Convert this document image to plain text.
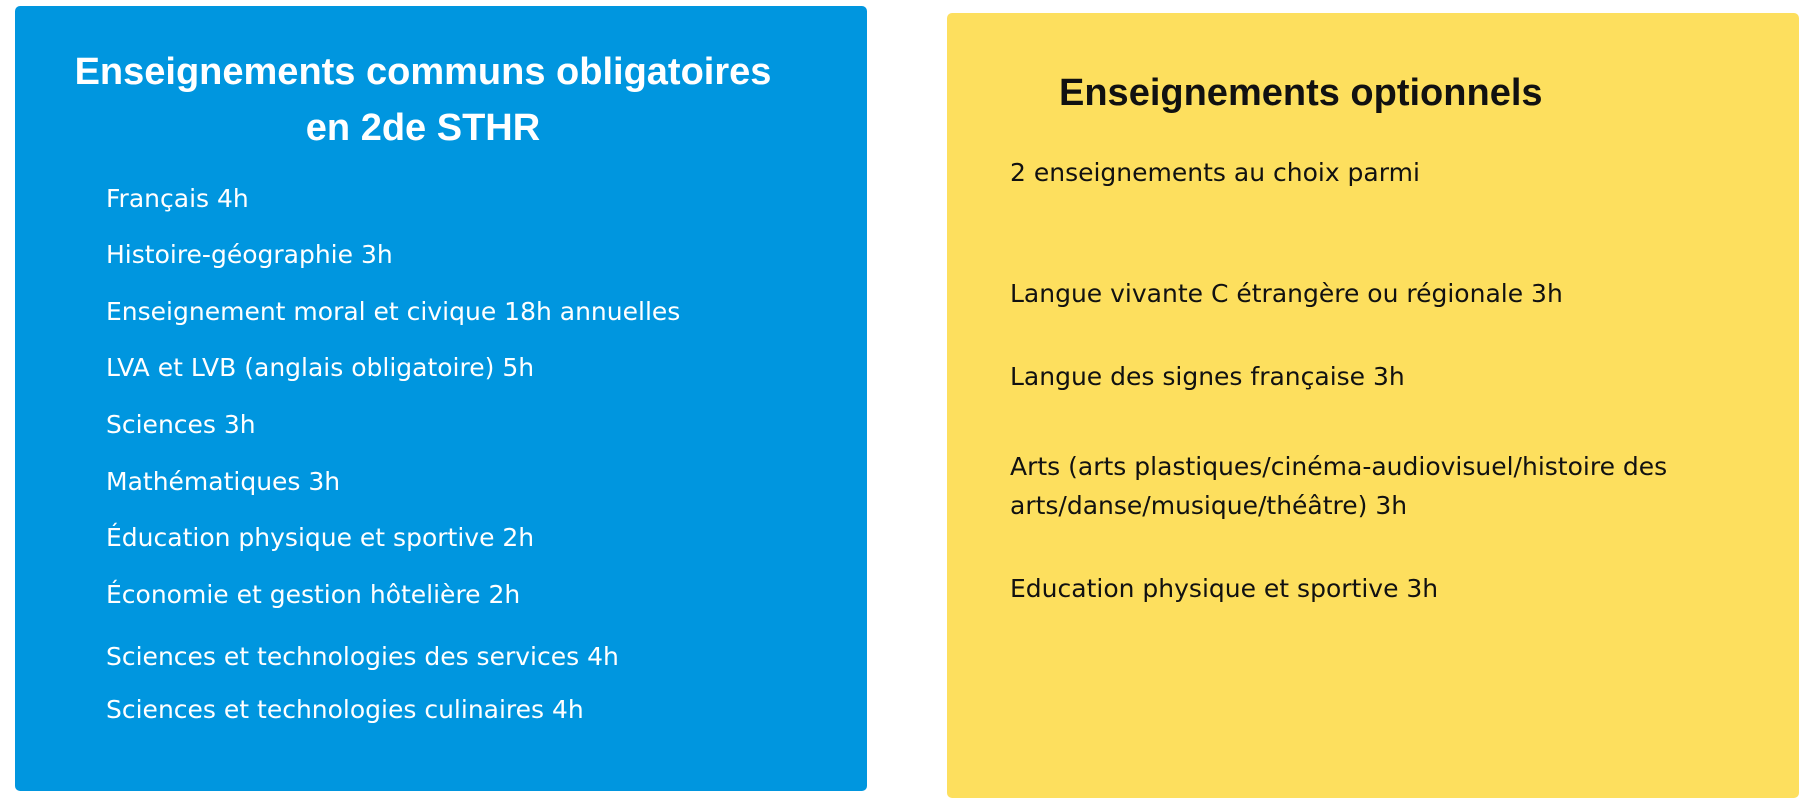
Enseignements communs obligatoires
en 2de STHR
Français 4h
Histoire-géographie 3h
Enseignement moral et civique 18h annuelles
LVA et LVB (anglais obligatoire) 5h
Sciences 3h
Mathématiques 3h
Éducation physique et sportive 2h
Économie et gestion hôtelière 2h
Sciences et technologies des services 4h
Sciences et technologies culinaires 4h
Enseignements optionnels
2 enseignements au choix parmi
Langue vivante C étrangère ou régionale 3h
Langue des signes française 3h
Arts (arts plastiques/cinéma-audiovisuel/histoire des arts/danse/musique/théâtre) 3h
Education physique et sportive 3h
